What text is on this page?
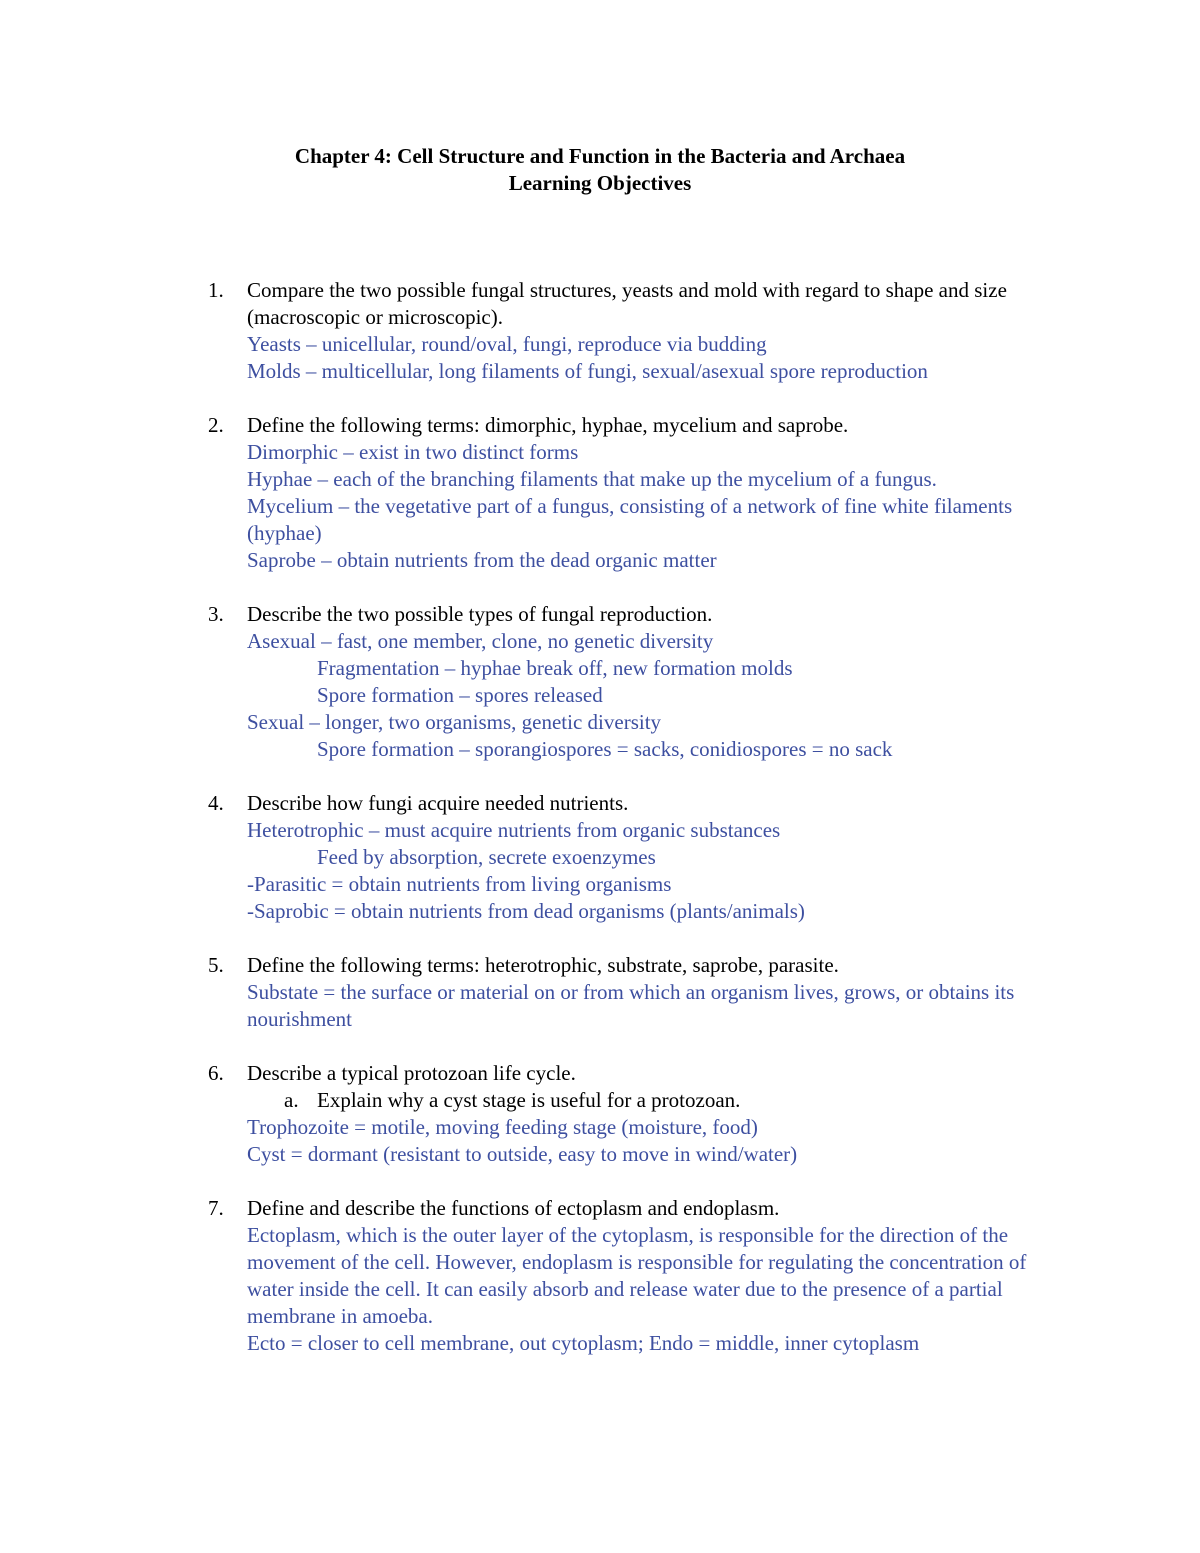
Chapter 4: Cell Structure and Function in the Bacteria and Archaea
Learning Objectives
1. Compare the two possible fungal structures, yeasts and mold with regard to shape and size (macroscopic or microscopic).
Yeasts – unicellular, round/oval, fungi, reproduce via budding
Molds – multicellular, long filaments of fungi, sexual/asexual spore reproduction
2. Define the following terms: dimorphic, hyphae, mycelium and saprobe.
Dimorphic – exist in two distinct forms
Hyphae – each of the branching filaments that make up the mycelium of a fungus.
Mycelium – the vegetative part of a fungus, consisting of a network of fine white filaments (hyphae)
Saprobe – obtain nutrients from the dead organic matter
3. Describe the two possible types of fungal reproduction.
Asexual – fast, one member, clone, no genetic diversity
Fragmentation – hyphae break off, new formation molds
Spore formation – spores released
Sexual – longer, two organisms, genetic diversity
Spore formation – sporangiospores = sacks, conidiospores = no sack
4. Describe how fungi acquire needed nutrients.
Heterotrophic – must acquire nutrients from organic substances
Feed by absorption, secrete exoenzymes
-Parasitic = obtain nutrients from living organisms
-Saprobic = obtain nutrients from dead organisms (plants/animals)
5. Define the following terms: heterotrophic, substrate, saprobe, parasite.
Substate = the surface or material on or from which an organism lives, grows, or obtains its nourishment
6. Describe a typical protozoan life cycle.
a. Explain why a cyst stage is useful for a protozoan.
Trophozoite = motile, moving feeding stage (moisture, food)
Cyst = dormant (resistant to outside, easy to move in wind/water)
7. Define and describe the functions of ectoplasm and endoplasm.
Ectoplasm, which is the outer layer of the cytoplasm, is responsible for the direction of the movement of the cell. However, endoplasm is responsible for regulating the concentration of water inside the cell. It can easily absorb and release water due to the presence of a partial membrane in amoeba.
Ecto = closer to cell membrane, out cytoplasm; Endo = middle, inner cytoplasm
